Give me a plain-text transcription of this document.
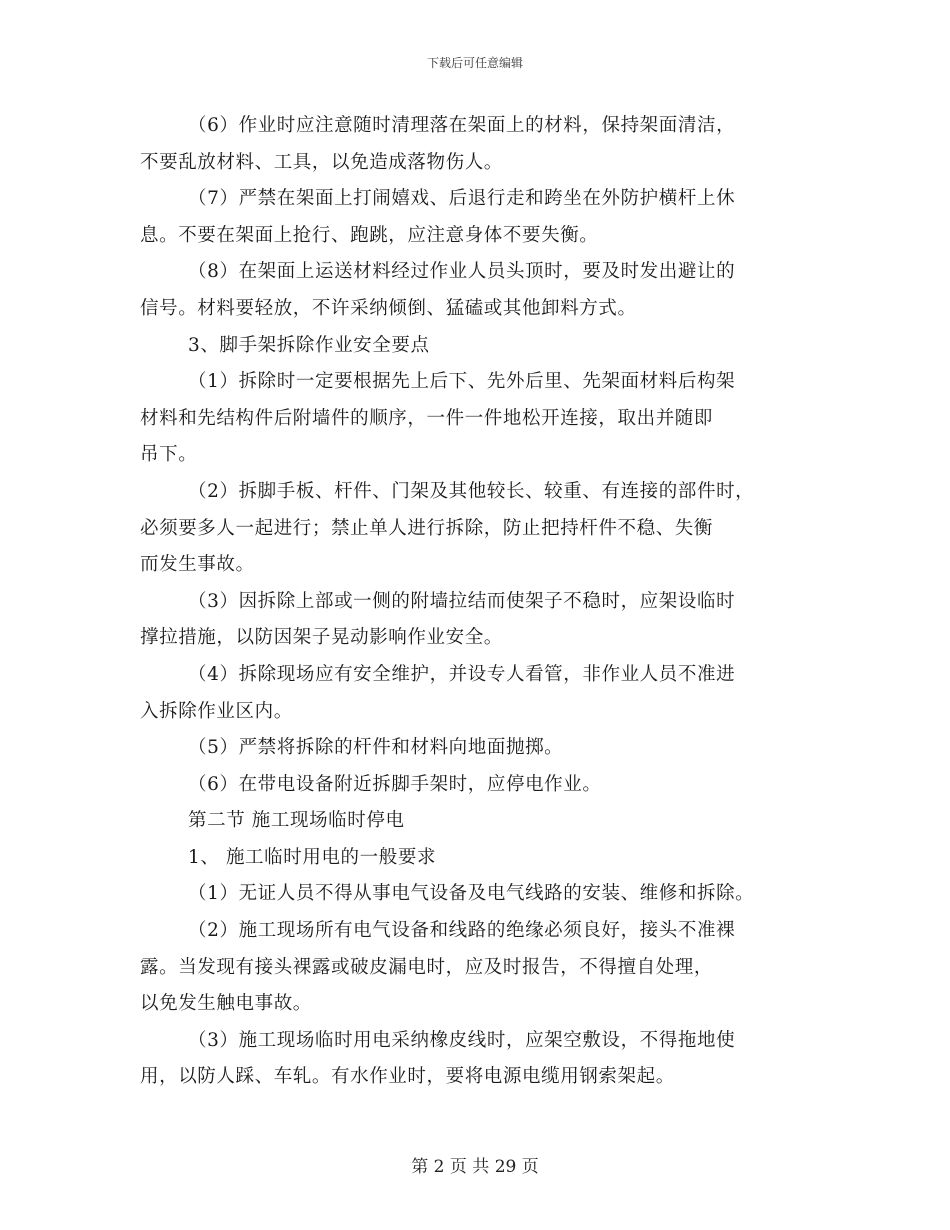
下载后可任意编辑
（6）作业时应注意随时清理落在架面上的材料，保持架面清洁，
不要乱放材料、工具，以免造成落物伤人。
（7）严禁在架面上打闹嬉戏、后退行走和跨坐在外防护横杆上休
息。不要在架面上抢行、跑跳，应注意身体不要失衡。
（8）在架面上运送材料经过作业人员头顶时，要及时发出避让的
信号。材料要轻放，不许采纳倾倒、猛磕或其他卸料方式。
3、脚手架拆除作业安全要点
（1）拆除时一定要根据先上后下、先外后里、先架面材料后构架
材料和先结构件后附墙件的顺序，一件一件地松开连接，取出并随即
吊下。
（2）拆脚手板、杆件、门架及其他较长、较重、有连接的部件时，
必须要多人一起进行；禁止单人进行拆除，防止把持杆件不稳、失衡
而发生事故。
（3）因拆除上部或一侧的附墙拉结而使架子不稳时，应架设临时
撑拉措施，以防因架子晃动影响作业安全。
（4）拆除现场应有安全维护，并设专人看管，非作业人员不准进
入拆除作业区内。
（5）严禁将拆除的杆件和材料向地面抛掷。
（6）在带电设备附近拆脚手架时，应停电作业。
第二节 施工现场临时停电
1、 施工临时用电的一般要求
（1）无证人员不得从事电气设备及电气线路的安装、维修和拆除。
（2）施工现场所有电气设备和线路的绝缘必须良好，接头不准裸
露。当发现有接头裸露或破皮漏电时，应及时报告，不得擅自处理，
以免发生触电事故。
（3）施工现场临时用电采纳橡皮线时，应架空敷设，不得拖地使
用，以防人踩、车轧。有水作业时，要将电源电缆用钢索架起。
第 2 页 共 29 页
